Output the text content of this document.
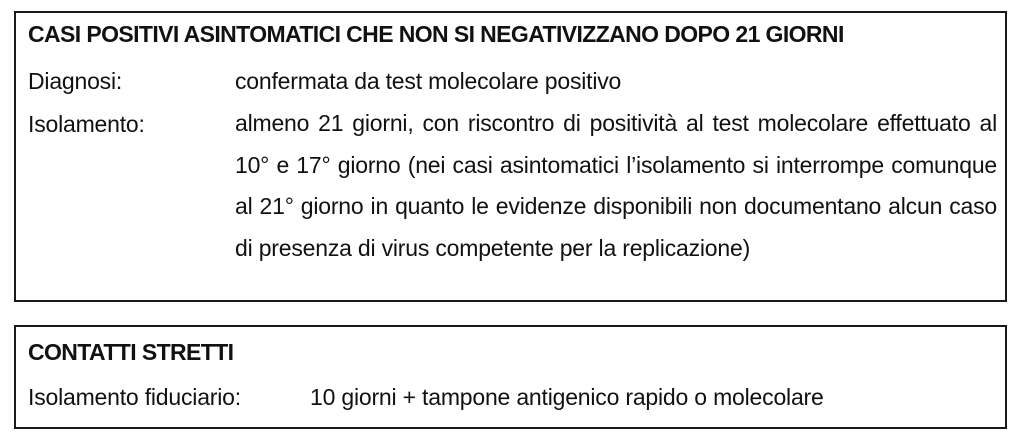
CASI POSITIVI ASINTOMATICI CHE NON SI NEGATIVIZZANO DOPO 21 GIORNI
Diagnosi:	confermata da test molecolare positivo
Isolamento:	almeno 21 giorni, con riscontro di positività al test molecolare effettuato al 10° e 17° giorno (nei casi asintomatici l’isolamento si interrompe comunque al 21° giorno in quanto le evidenze disponibili non documentano alcun caso di presenza di virus competente per la replicazione)
CONTATTI STRETTI
Isolamento fiduciario:	10 giorni + tampone antigenico rapido o molecolare
